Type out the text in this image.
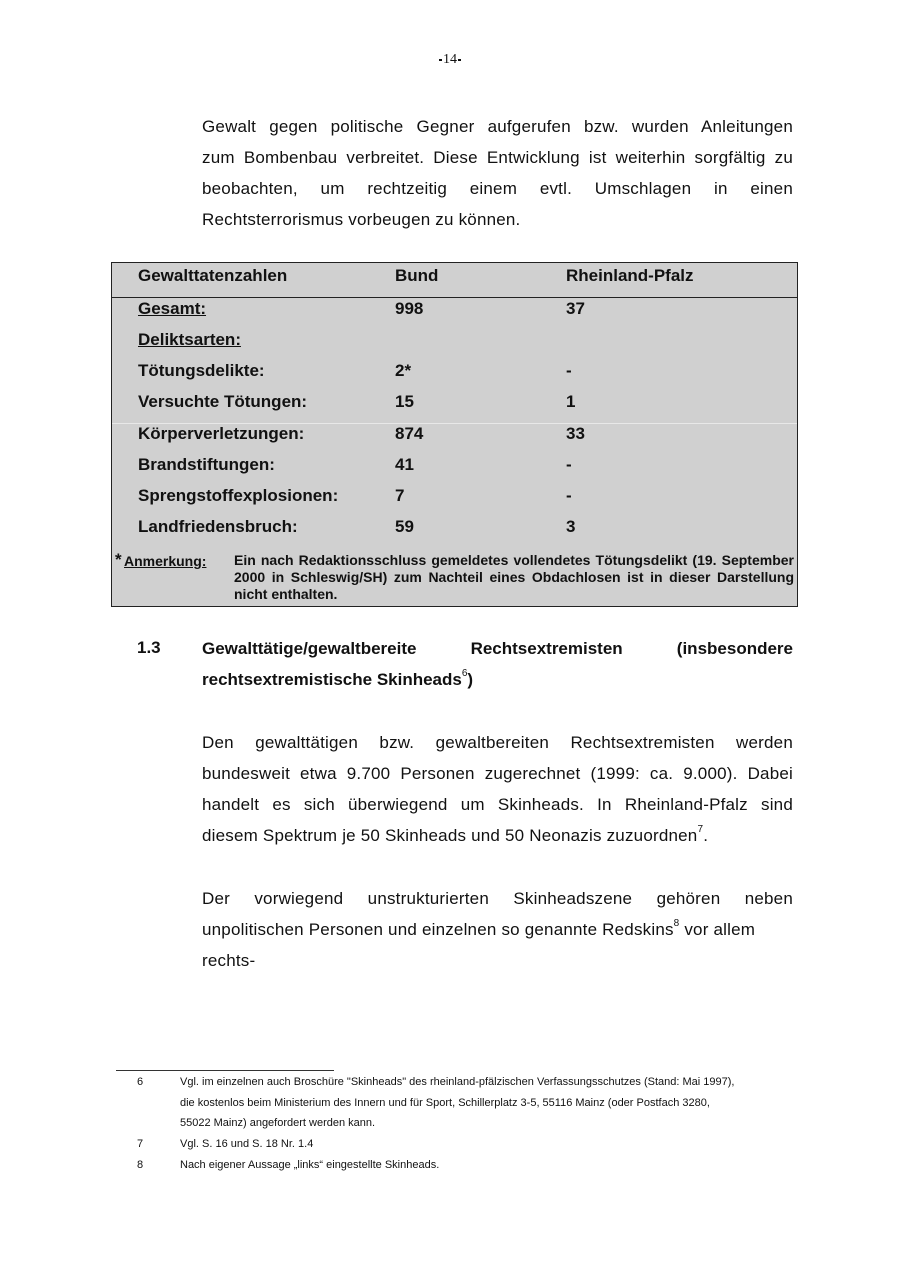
14
Gewalt gegen politische Gegner aufgerufen bzw. wurden Anleitungen
zum Bombenbau verbreitet. Diese Entwicklung ist weiterhin sorgfältig zu
beobachten, um rechtzeitig einem evtl. Umschlagen in einen
Rechtsterrorismus vorbeugen zu können.
Gewalttatenzahlen	Bund	Rheinland-Pfalz
Gesamt:	998	37
Deliktsarten:
Tötungsdelikte:	2*	-
Versuchte Tötungen:	15	1
Körperverletzungen:	874	33
Brandstiftungen:	41	-
Sprengstoffexplosionen:	7	-
Landfriedensbruch:	59	3
* Anmerkung: Ein nach Redaktionsschluss gemeldetes vollendetes Tötungsdelikt (19. September 2000 in Schleswig/SH) zum Nachteil eines Obdachlosen ist in dieser Darstellung nicht enthalten.

1.3 Gewalttätige/gewaltbereite Rechtsextremisten (insbesondere rechtsextremistische Skinheads$^6$)

Den gewalttätigen bzw. gewaltbereiten Rechtsextremisten werden
bundesweit etwa 9.700 Personen zugerechnet (1999: ca. 9.000). Dabei
handelt es sich überwiegend um Skinheads. In Rheinland-Pfalz sind
diesem Spektrum je 50 Skinheads und 50 Neonazis zuzuordnen$^7$.
Der vorwiegend unstrukturierten Skinheadszene gehören neben
unpolitischen Personen und einzelnen so genannte Redskins$^8$ vor allem
rechts-
6	Vgl. im einzelnen auch Broschüre "Skinheads" des rheinland-pfälzischen Verfassungsschutzes (Stand: Mai 1997),
die kostenlos beim Ministerium des Innern und für Sport, Schillerplatz 3-5, 55116 Mainz (oder Postfach 3280,
55022 Mainz) angefordert werden kann.
7	Vgl. S. 16 und S. 18 Nr. 1.4
8	Nach eigener Aussage „links“ eingestellte Skinheads.
